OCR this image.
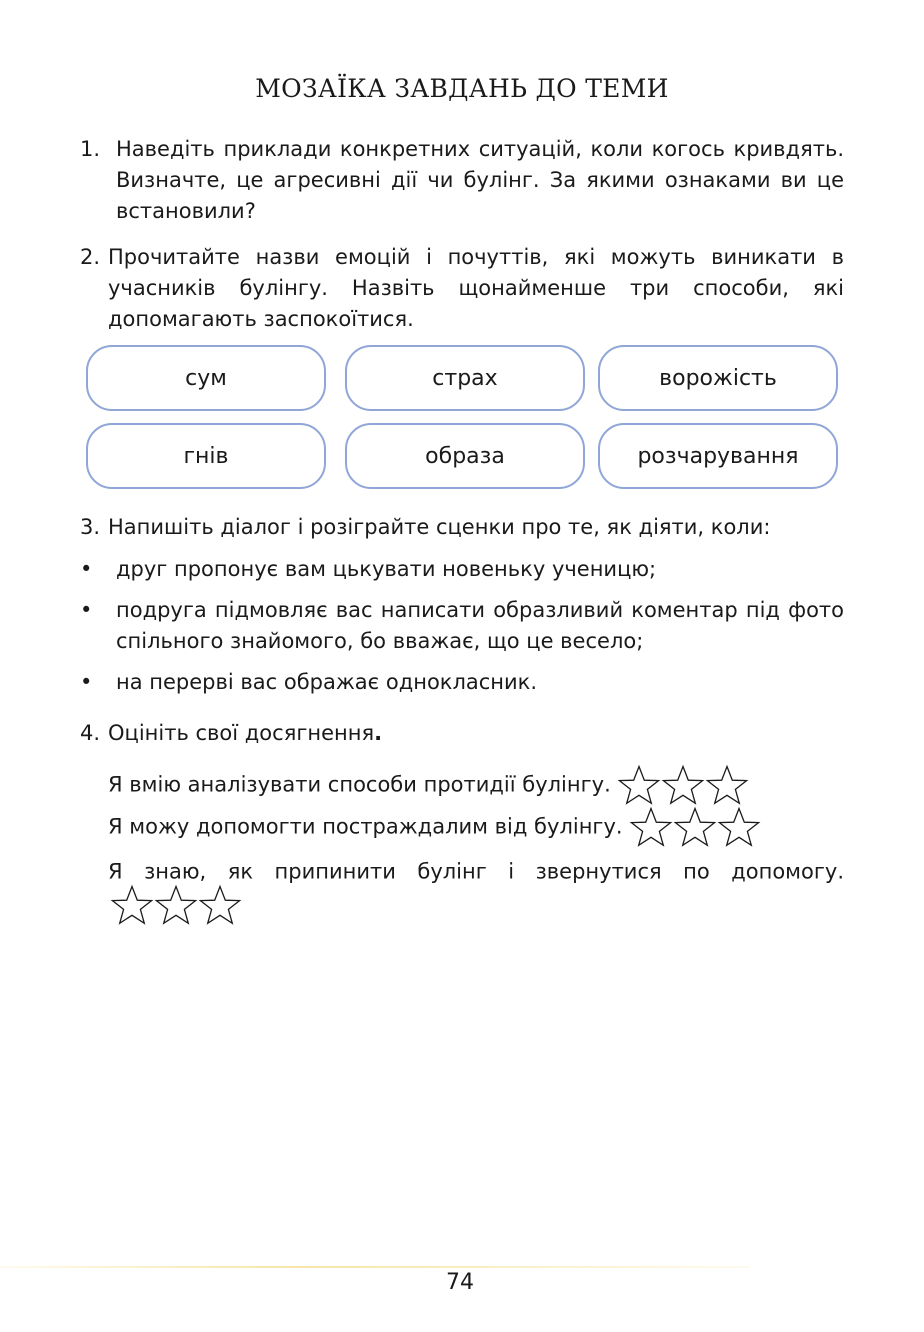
МОЗАЇКА ЗАВДАНЬ ДО ТЕМИ
1. Наведіть приклади конкретних ситуацій, коли когось кривдять. Визначте, це агресивні дії чи булінг. За якими ознаками ви це встановили?
2. Прочитайте назви емоцій і почуттів, які можуть виникати в учасників булінгу. Назвіть щонайменше три способи, які допомагають заспокоїтися.
сум	страх	ворожість
гнів	образа	розчарування
3. Напишіть діалог і розіграйте сценки про те, як діяти, коли:
•	друг пропонує вам цькувати новеньку ученицю;
•	подруга підмовляє вас написати образливий коментар під фото спільного знайомого, бо вважає, що це весело;
•	на перерві вас ображає однокласник.
4. Оцініть свої досягнення.
Я вмію аналізувати способи протидії булінгу.
Я можу допомогти постраждалим від булінгу.
Я знаю, як припинити булінг і звернутися по допомогу.
74
